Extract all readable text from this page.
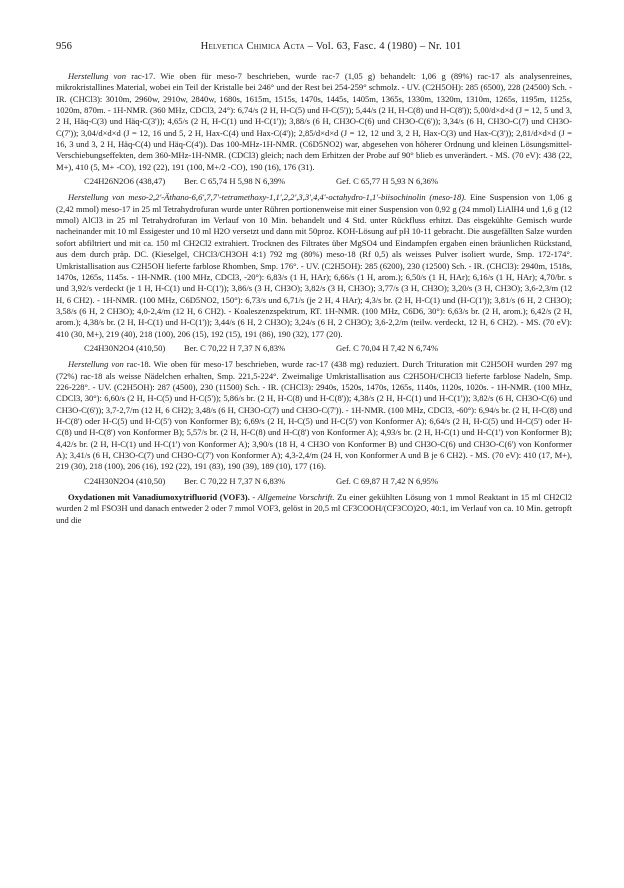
956	Helvetica Chimica Acta – Vol. 63, Fasc. 4 (1980) – Nr. 101

Herstellung von rac-17. Wie oben für meso-7 beschrieben, wurde rac-7 (1,05 g) behandelt: 1,06 g (89%) rac-17 als analysenreines, mikrokristallines Material, wobei ein Teil der Kristalle bei 246° und der Rest bei 254-259° schmolz. - UV. (C2H5OH): 285 (6500), 228 (24500) Sch. - IR. (CHCl3): 3010m, 2960w, 2910w, 2840w, 1680s, 1615m, 1515s, 1470s, 1445s, 1405m, 1365s, 1330m, 1320m, 1310m, 1265s, 1195m, 1125s, 1020m, 870m. - 1H-NMR. (360 MHz, CDCl3, 24°): 6,74/s (2 H, H-C(5) und H-C(5')); 5,44/s (2 H, H-C(8) und H-C(8')); 5,00/d×d×d (J = 12, 5 und 3, 2 H, Häq-C(3) und Häq-C(3')); 4,65/s (2 H, H-C(1) und H-C(1')); 3,88/s (6 H, CH3O-C(6) und CH3O-C(6')); 3,34/s (6 H, CH3O-C(7) und CH3O-C(7')); 3,04/d×d×d (J = 12, 16 und 5, 2 H, Hax-C(4) und Hax-C(4')); 2,85/d×d×d (J = 12, 12 und 3, 2 H, Hax-C(3) und Hax-C(3')); 2,81/d×d×d (J = 16, 3 und 3, 2 H, Häq-C(4) und Häq-C(4')). Das 100-MHz-1H-NMR. (C6D5NO2) war, abgesehen von höherer Ordnung und kleinen Lösungsmittel-Verschiebungseffekten, dem 360-MHz-1H-NMR. (CDCl3) gleich; nach dem Erhitzen der Probe auf 90° blieb es unverändert. - MS. (70 eV): 438 (22, M+), 410 (5, M+ -CO), 192 (22), 191 (100, M+/2 -CO), 190 (16), 176 (31).

C24H26N2O6 (438,47) Ber. C 65,74 H 5,98 N 6,39%	Gef. C 65,77 H 5,93 N 6,36%

Herstellung von meso-2,2'-Äthano-6,6',7,7'-tetramethoxy-1,1',2,2',3,3',4,4'-octahydro-1,1'-biisochinolin (meso-18). Eine Suspension von 1,06 g (2,42 mmol) meso-17 in 25 ml Tetrahydrofuran wurde unter Rühren portionenweise mit einer Suspension von 0,92 g (24 mmol) LiAlH4 und 1,6 g (12 mmol) AlCl3 in 25 ml Tetrahydrofuran im Verlauf von 10 Min. behandelt und 4 Std. unter Rückfluss erhitzt. Das eisgekühlte Gemisch wurde nacheinander mit 10 ml Essigester und 10 ml H2O versetzt und dann mit 50proz. KOH-Lösung auf pH 10-11 gebracht. Die ausgefällten Salze wurden sofort abfiltriert und mit ca. 150 ml CH2Cl2 extrahiert. Trocknen des Filtrates über MgSO4 und Eindampfen ergaben einen bräunlichen Rückstand, aus dem durch präp. DC. (Kieselgel, CHCl3/CH3OH 4:1) 792 mg (80%) meso-18 (Rf 0,5) als weisses Pulver isoliert wurde, Smp. 172-174°. Umkristallisation aus C2H5OH lieferte farblose Rhomben, Smp. 176°. - UV. (C2H5OH): 285 (6200), 230 (12500) Sch. - IR. (CHCl3): 2940m, 1518s, 1470s, 1265s, 1145s. - 1H-NMR. (100 MHz, CDCl3, -20°): 6,83/s (1 H, HAr); 6,66/s (1 H, arom.); 6,50/s (1 H, HAr); 6,16/s (1 H, HAr); 4,70/br. s und 3,92/s verdeckt (je 1 H, H-C(1) und H-C(1')); 3,86/s (3 H, CH3O); 3,82/s (3 H, CH3O); 3,77/s (3 H, CH3O); 3,20/s (3 H, CH3O); 3,6-2,3/m (12 H, 6 CH2). - 1H-NMR. (100 MHz, C6D5NO2, 150°): 6,73/s und 6,71/s (je 2 H, 4 HAr); 4,3/s br. (2 H, H-C(1) und (H-C(1')); 3,81/s (6 H, 2 CH3O); 3,58/s (6 H, 2 CH3O); 4,0-2,4/m (12 H, 6 CH2). - Koaleszenzspektrum, RT. 1H-NMR. (100 MHz, C6D6, 30°): 6,63/s br. (2 H, arom.); 6,42/s (2 H, arom.); 4,38/s br. (2 H, H-C(1) und H-C(1')); 3,44/s (6 H, 2 CH3O); 3,24/s (6 H, 2 CH3O); 3,6-2,2/m (teilw. verdeckt, 12 H, 6 CH2). - MS. (70 eV): 410 (30, M+), 219 (40), 218 (100), 206 (15), 192 (15), 191 (86), 190 (32), 177 (20).

C24H30N2O4 (410,50) Ber. C 70,22 H 7,37 N 6,83%	Gef. C 70,04 H 7,42 N 6,74%

Herstellung von rac-18. Wie oben für meso-17 beschrieben, wurde rac-17 (438 mg) reduziert. Durch Trituration mit C2H5OH wurden 297 mg (72%) rac-18 als weisse Nädelchen erhalten, Smp. 221,5-224°. Zweimalige Umkristallisation aus C2H5OH/CHCl3 lieferte farblose Nadeln, Smp. 226-228°. - UV. (C2H5OH): 287 (4500), 230 (11500) Sch. - IR. (CHCl3): 2940s, 1520s, 1470s, 1265s, 1140s, 1120s, 1020s. - 1H-NMR. (100 MHz, CDCl3, 30°): 6,60/s (2 H, H-C(5) und H-C(5')); 5,86/s br. (2 H, H-C(8) und H-C(8')); 4,38/s (2 H, H-C(1) und H-C(1')); 3,82/s (6 H, CH3O-C(6) und CH3O-C(6')); 3,7-2,7/m (12 H, 6 CH2); 3,48/s (6 H, CH3O-C(7) und CH3O-C(7')). - 1H-NMR. (100 MHz, CDCl3, -60°): 6,94/s br. (2 H, H-C(8) und H-C(8') oder H-C(5) und H-C(5') von Konformer B); 6,69/s (2 H, H-C(5) und H-C(5') von Konformer A); 6,64/s (2 H, H-C(5) und H-C(5') oder H-C(8) und H-C(8') von Konformer B); 5,57/s br. (2 H, H-C(8) und H-C(8') von Konformer A); 4,93/s br. (2 H, H-C(1) und H-C(1') von Konformer B); 4,42/s br. (2 H, H-C(1) und H-C(1') von Konformer A); 3,90/s (18 H, 4 CH3O von Konformer B) und CH3O-C(6) und CH3O-C(6') von Konformer A); 3,41/s (6 H, CH3O-C(7) und CH3O-C(7') von Konformer A); 4,3-2,4/m (24 H, von Konformer A und B je 6 CH2). - MS. (70 eV): 410 (17, M+), 219 (30), 218 (100), 206 (16), 192 (22), 191 (83), 190 (39), 189 (10), 177 (16).

C24H30N2O4 (410,50) Ber. C 70,22 H 7,37 N 6,83%	Gef. C 69,87 H 7,42 N 6,95%

Oxydationen mit Vanadiumoxytrifluorid (VOF3). - Allgemeine Vorschrift. Zu einer gekühlten Lösung von 1 mmol Reaktant in 15 ml CH2Cl2 wurden 2 ml FSO3H und danach entweder 2 oder 7 mmol VOF3, gelöst in 20,5 ml CF3COOH/(CF3CO)2O, 40:1, im Verlauf von ca. 10 Min. getropft und die
